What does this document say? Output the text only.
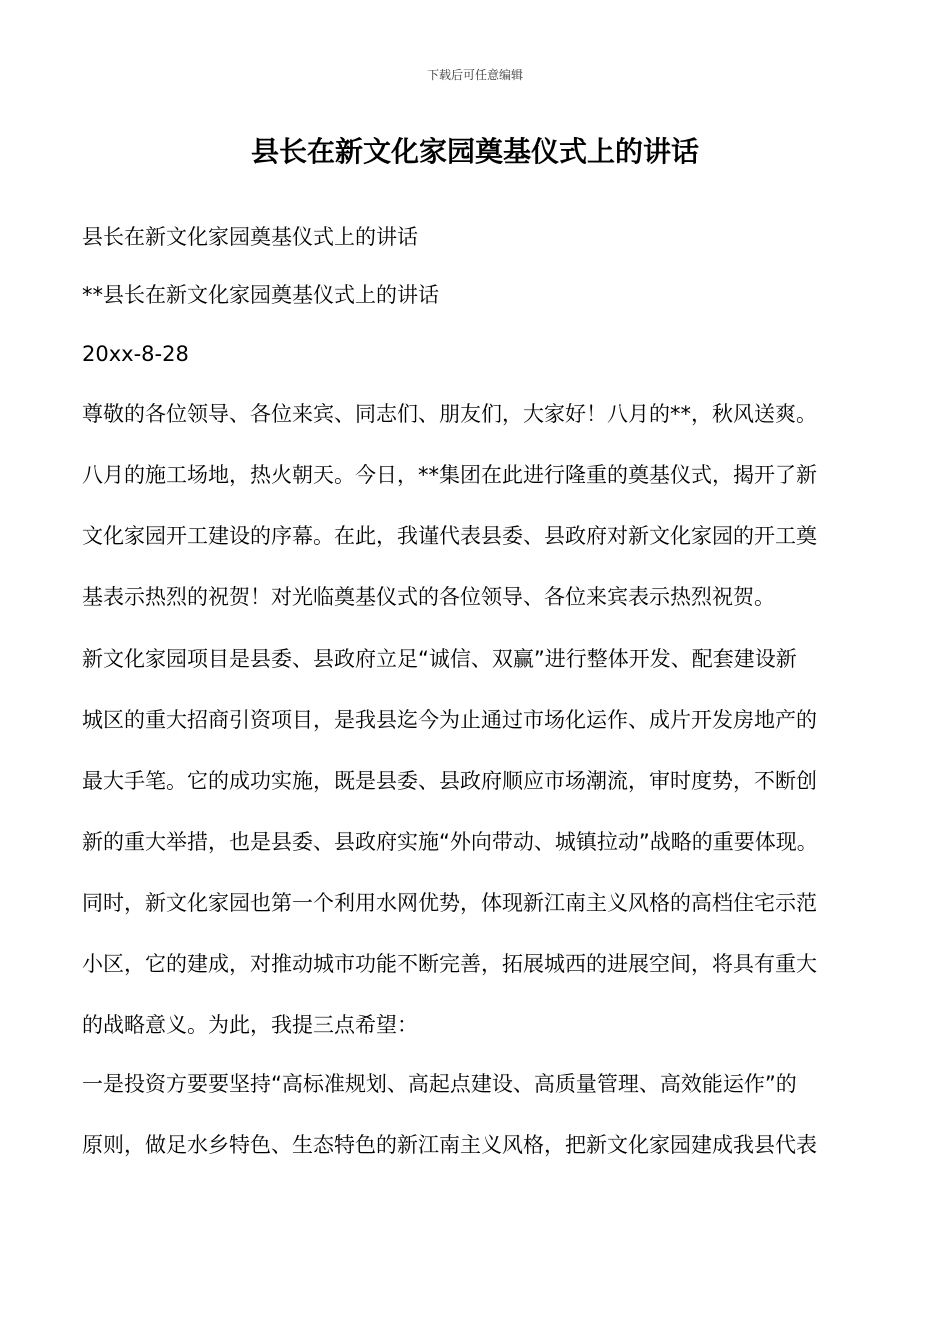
下载后可任意编辑
县长在新文化家园奠基仪式上的讲话
县长在新文化家园奠基仪式上的讲话
**县长在新文化家园奠基仪式上的讲话
20xx-8-28
尊敬的各位领导、各位来宾、同志们、朋友们，大家好！八月的**，秋风送爽。
八月的施工场地，热火朝天。今日，**集团在此进行隆重的奠基仪式，揭开了新
文化家园开工建设的序幕。在此，我谨代表县委、县政府对新文化家园的开工奠
基表示热烈的祝贺！对光临奠基仪式的各位领导、各位来宾表示热烈祝贺。
新文化家园项目是县委、县政府立足“诚信、双赢”进行整体开发、配套建设新
城区的重大招商引资项目，是我县迄今为止通过市场化运作、成片开发房地产的
最大手笔。它的成功实施，既是县委、县政府顺应市场潮流，审时度势，不断创
新的重大举措，也是县委、县政府实施“外向带动、城镇拉动”战略的重要体现。
同时，新文化家园也第一个利用水网优势，体现新江南主义风格的高档住宅示范
小区，它的建成，对推动城市功能不断完善，拓展城西的进展空间，将具有重大
的战略意义。为此，我提三点希望：
一是投资方要要坚持“高标准规划、高起点建设、高质量管理、高效能运作”的
原则，做足水乡特色、生态特色的新江南主义风格，把新文化家园建成我县代表
